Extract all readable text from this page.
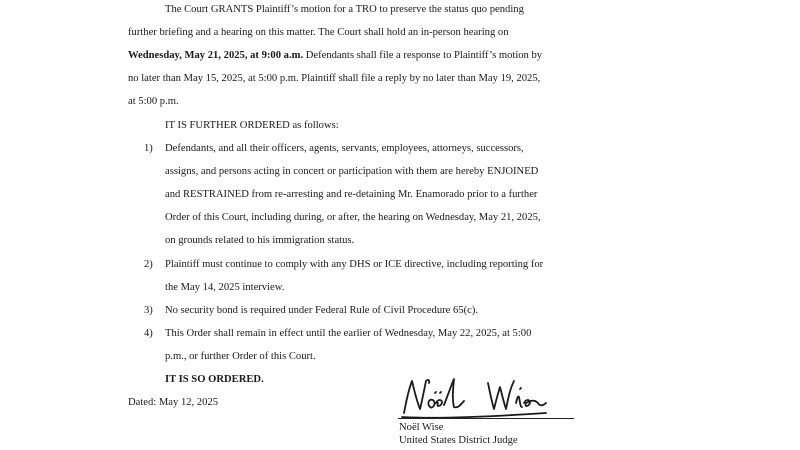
The Court GRANTS Plaintiff’s motion for a TRO to preserve the status quo pending
further briefing and a hearing on this matter. The Court shall hold an in-person hearing on
Wednesday, May 21, 2025, at 9:00 a.m. Defendants shall file a response to Plaintiff’s motion by
no later than May 15, 2025, at 5:00 p.m. Plaintiff shall file a reply by no later than May 19, 2025,
at 5:00 p.m.
IT IS FURTHER ORDERED as follows:
1) Defendants, and all their officers, agents, servants, employees, attorneys, successors,
assigns, and persons acting in concert or participation with them are hereby ENJOINED
and RESTRAINED from re-arresting and re-detaining Mr. Enamorado prior to a further
Order of this Court, including during, or after, the hearing on Wednesday, May 21, 2025,
on grounds related to his immigration status.
2) Plaintiff must continue to comply with any DHS or ICE directive, including reporting for
the May 14, 2025 interview.
3) No security bond is required under Federal Rule of Civil Procedure 65(c).
4) This Order shall remain in effect until the earlier of Wednesday, May 22, 2025, at 5:00
p.m., or further Order of this Court.
IT IS SO ORDERED.
Dated: May 12, 2025
Noël Wise
United States District Judge
